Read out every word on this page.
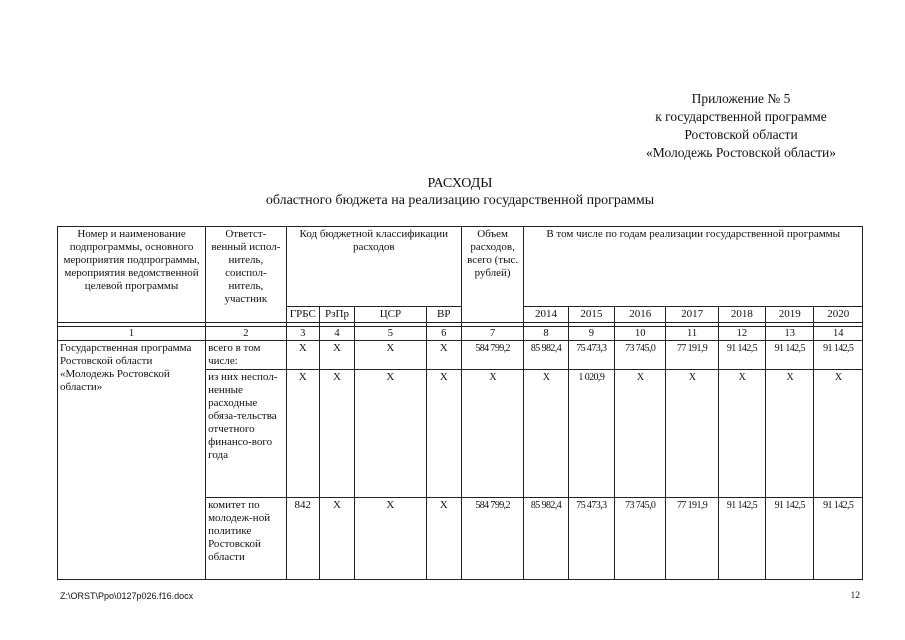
Приложение № 5
к государственной программе
Ростовской области
«Молодежь Ростовской области»
РАСХОДЫ
областного бюджета на реализацию государственной программы
Номер и наименование подпрограммы, основного мероприятия подпрограммы, мероприятия ведомственной целевой программы	Ответст-венный испол-нитель, соиспол-нитель, участник	Код бюджетной классификации расходов				Объем расходов, всего (тыс. рублей)	В том числе по годам реализации государственной программы						
		ГРБС	РзПр	ЦСР	ВР		2014	2015	2016	2017	2018	2019	2020

1	2	3	4	5	6	7	8	9	10	11	12	13	14
Государственная программа Ростовской области «Молодежь Ростовской области»	всего в том числе:	X	X	X	X	584 799,2	85 982,4	75 473,3	73 745,0	77 191,9	91 142,5	91 142,5	91 142,5
	из них неспол-ненные расходные обяза-тельства отчетного финансо-вого года	X	X	X	X	X	X	1 020,9	X	X	X	X	X
	комитет по молодеж-ной политике Ростовской области	842	X	X	X	584 799,2	85 982,4	75 473,3	73 745,0	77 191,9	91 142,5	91 142,5	91 142,5
Z:\ORST\Ppo\0127p026.f16.docx	12
